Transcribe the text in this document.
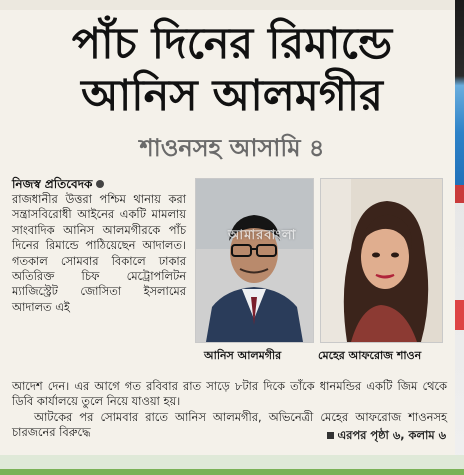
পাঁচ দিনের রিমান্ডে
আনিস আলমগীর
শাওনসহ আসামি ৪
নিজস্ব প্রতিবেদক

রাজধানীর উত্তরা পশ্চিম থানায় করা সন্ত্রাসবিরোধী আইনের একটি মামলায় সাংবাদিক আনিস আলমগীরকে পাঁচ দিনের রিমান্ডে পাঠিয়েছেন আদালত। গতকাল সোমবার বিকালে ঢাকার অতিরিক্ত চিফ মেট্রোপলিটন ম্যাজিস্ট্রেট জোসিতা ইসলামের আদালত এই

আমারবাংলা
আনিস আলমগীর	মেহের আফরোজ শাওন

আদেশ দেন। এর আগে গত রবিবার রাত সাড়ে ৮টার দিকে তাঁকে ধানমন্ডির একটি জিম থেকে ডিবি কার্যালয়ে তুলে নিয়ে যাওয়া হয়।

আটকের পর সোমবার রাতে আনিস আলমগীর, অভিনেত্রী মেহের আফরোজ শাওনসহ চারজনের বিরুদ্ধে	এরপর পৃষ্ঠা ৬, কলাম ৬
